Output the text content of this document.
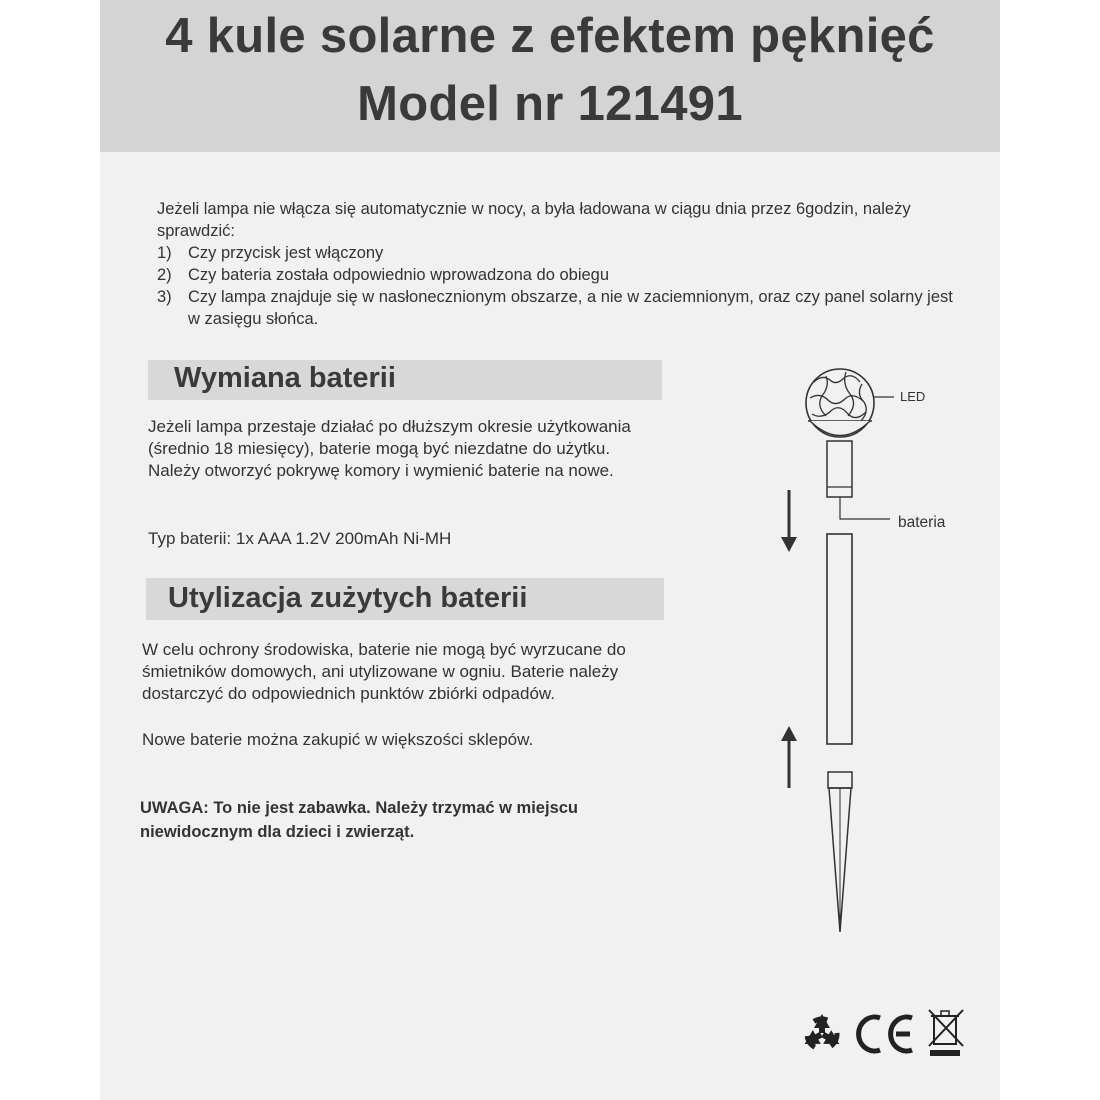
4 kule solarne z efektem pęknięć
Model nr 121491
Jeżeli lampa nie włącza się automatycznie w nocy, a była ładowana w ciągu dnia przez 6godzin, należy sprawdzić:
1) Czy przycisk jest włączony
2) Czy bateria została odpowiednio wprowadzona do obiegu
3) Czy lampa znajduje się w nasłonecznionym obszarze, a nie w zaciemnionym, oraz czy panel solarny jest w zasięgu słońca.
Wymiana baterii
Jeżeli lampa przestaje działać po dłuższym okresie użytkowania (średnio 18 miesięcy), baterie mogą być niezdatne do użytku. Należy otworzyć pokrywę komory i wymienić baterie na nowe.
Typ baterii: 1x AAA 1.2V 200mAh Ni-MH
Utylizacja zużytych baterii
W celu ochrony środowiska, baterie nie mogą być wyrzucane do śmietników domowych, ani utylizowane w ogniu. Baterie należy dostarczyć do odpowiednich punktów zbiórki odpadów.
Nowe baterie można zakupić w większości sklepów.
UWAGA: To nie jest zabawka. Należy trzymać w miejscu niewidocznym dla dzieci i zwierząt.
LED
bateria
